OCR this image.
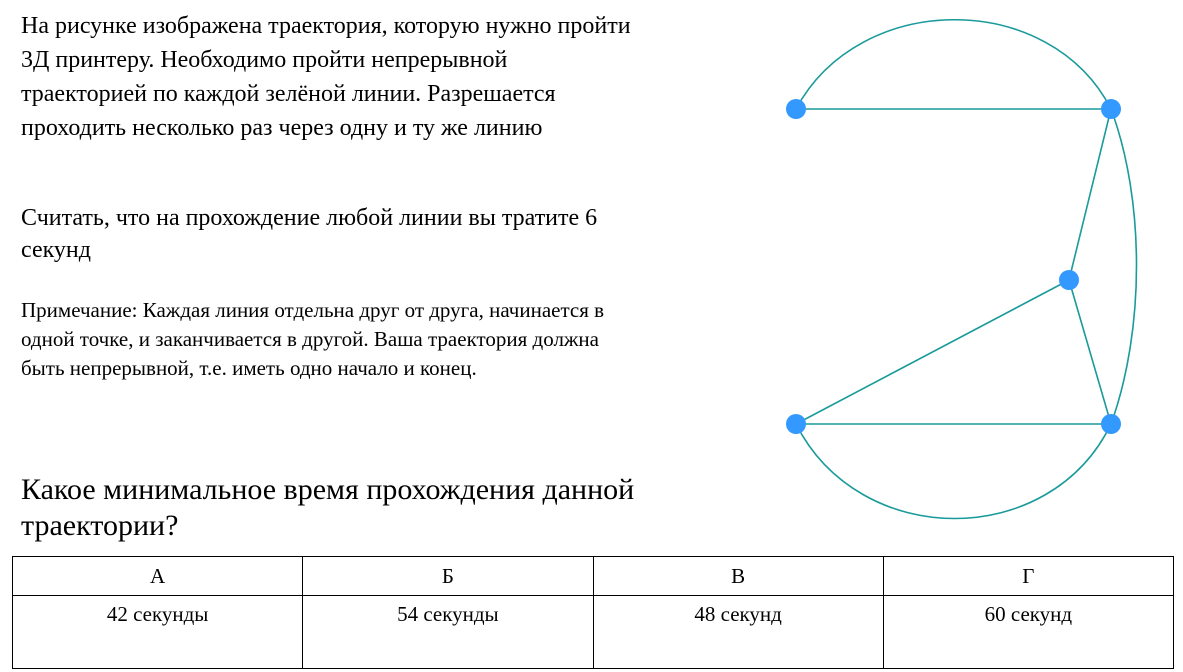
На рисунке изображена траектория, которую нужно пройти
3Д принтеру. Необходимо пройти непрерывной
траекторией по каждой зелёной линии. Разрешается
проходить несколько раз через одну и ту же линию

Считать, что на прохождение любой линии вы тратите 6
секунд

Примечание: Каждая линия отдельна друг от друга, начинается в
одной точке, и заканчивается в другой. Ваша траектория должна
быть непрерывной, т.е. иметь одно начало и конец.

Какое минимальное время прохождения данной
траектории?

А	Б	В	Г
42 секунды	54 секунды	48 секунд	60 секунд
